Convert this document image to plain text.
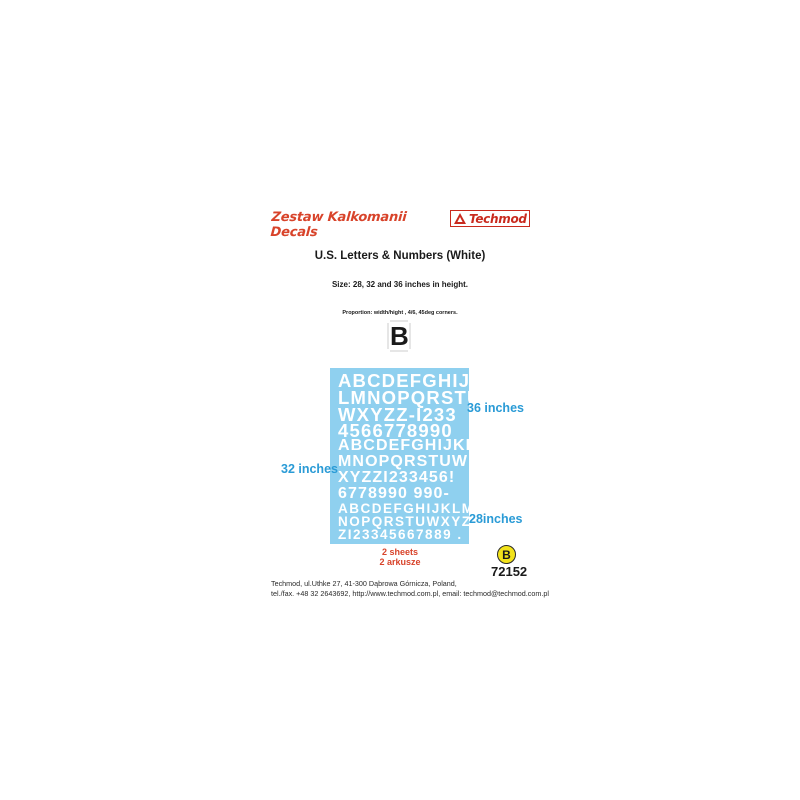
Zestaw Kalkomanii
Decals
Techmod
U.S. Letters & Numbers (White)
Size: 28, 32 and 36 inches in height.
Proportion: width/hight , 4/6, 45deg corners.
B
ABCDEFGHIJK
LMNOPQRSTU
WXYZZ-I233
4566778990
ABCDEFGHIJKL
MNOPQRSTUW;
XYZZI233456!
6778990 990-
ABCDEFGHIJKLM
NOPQRSTUWXYZ
ZI23345667889 .
36 inches
32 inches
28inches
2 sheets
2 arkusze
B
72152
Techmod, ul.Uthke 27, 41-300 Dąbrowa Górnicza, Poland,
tel./fax. +48 32 2643692, http://www.techmod.com.pl, email: techmod@techmod.com.pl
